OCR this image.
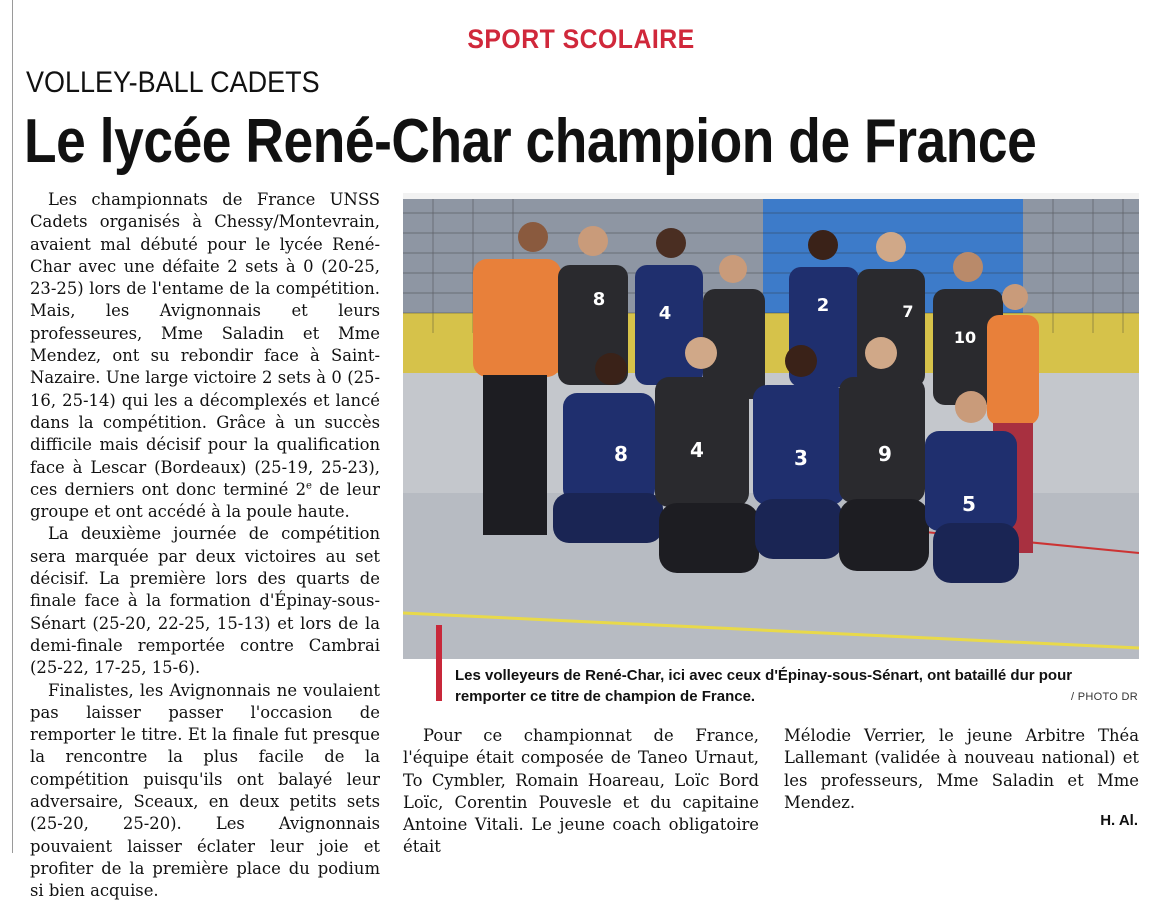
SPORT SCOLAIRE
VOLLEY-BALL CADETS
Le lycée René-Char champion de France

Les championnats de France UNSS Cadets organisés à Chessy/Montevrain, avaient mal débuté pour le lycée René-Char avec une défaite 2 sets à 0 (20-25, 23-25) lors de l'entame de la compétition. Mais, les Avignonnais et leurs professeures, Mme Saladin et Mme Mendez, ont su rebondir face à Saint-Nazaire. Une large victoire 2 sets à 0 (25-16, 25-14) qui les a décomplexés et lancé dans la compétition. Grâce à un succès difficile mais décisif pour la qualification face à Lescar (Bordeaux) (25-19, 25-23), ces derniers ont donc terminé 2e de leur groupe et ont accédé à la poule haute.

La deuxième journée de compétition sera marquée par deux victoires au set décisif. La première lors des quarts de finale face à la formation d'Épinay-sous-Sénart (25-20, 22-25, 15-13) et lors de la demi-finale remportée contre Cambrai (25-22, 17-25, 15-6).

Finalistes, les Avignonnais ne voulaient pas laisser passer l'occasion de remporter le titre. Et la finale fut presque la rencontre la plus facile de la compétition puisqu'ils ont balayé leur adversaire, Sceaux, en deux petits sets (25-20, 25-20). Les Avignonnais pouvaient laisser éclater leur joie et profiter de la première place du podium si bien acquise.

8
4	2	7
10
8	4	3	9
5
Les volleyeurs de René-Char, ici avec ceux d'Épinay-sous-Sénart, ont bataillé dur pour remporter ce titre de champion de France.	/ PHOTO DR

Pour ce championnat de France, l'équipe était composée de Taneo Urnaut, To Cymbler, Romain Hoareau, Loïc Bord Loïc, Corentin Pouvesle et du capitaine Antoine Vitali. Le jeune coach obligatoire était

Mélodie Verrier, le jeune Arbitre Théa Lallemant (validée à nouveau national) et les professeurs, Mme Saladin et Mme Mendez.

H. Al.
